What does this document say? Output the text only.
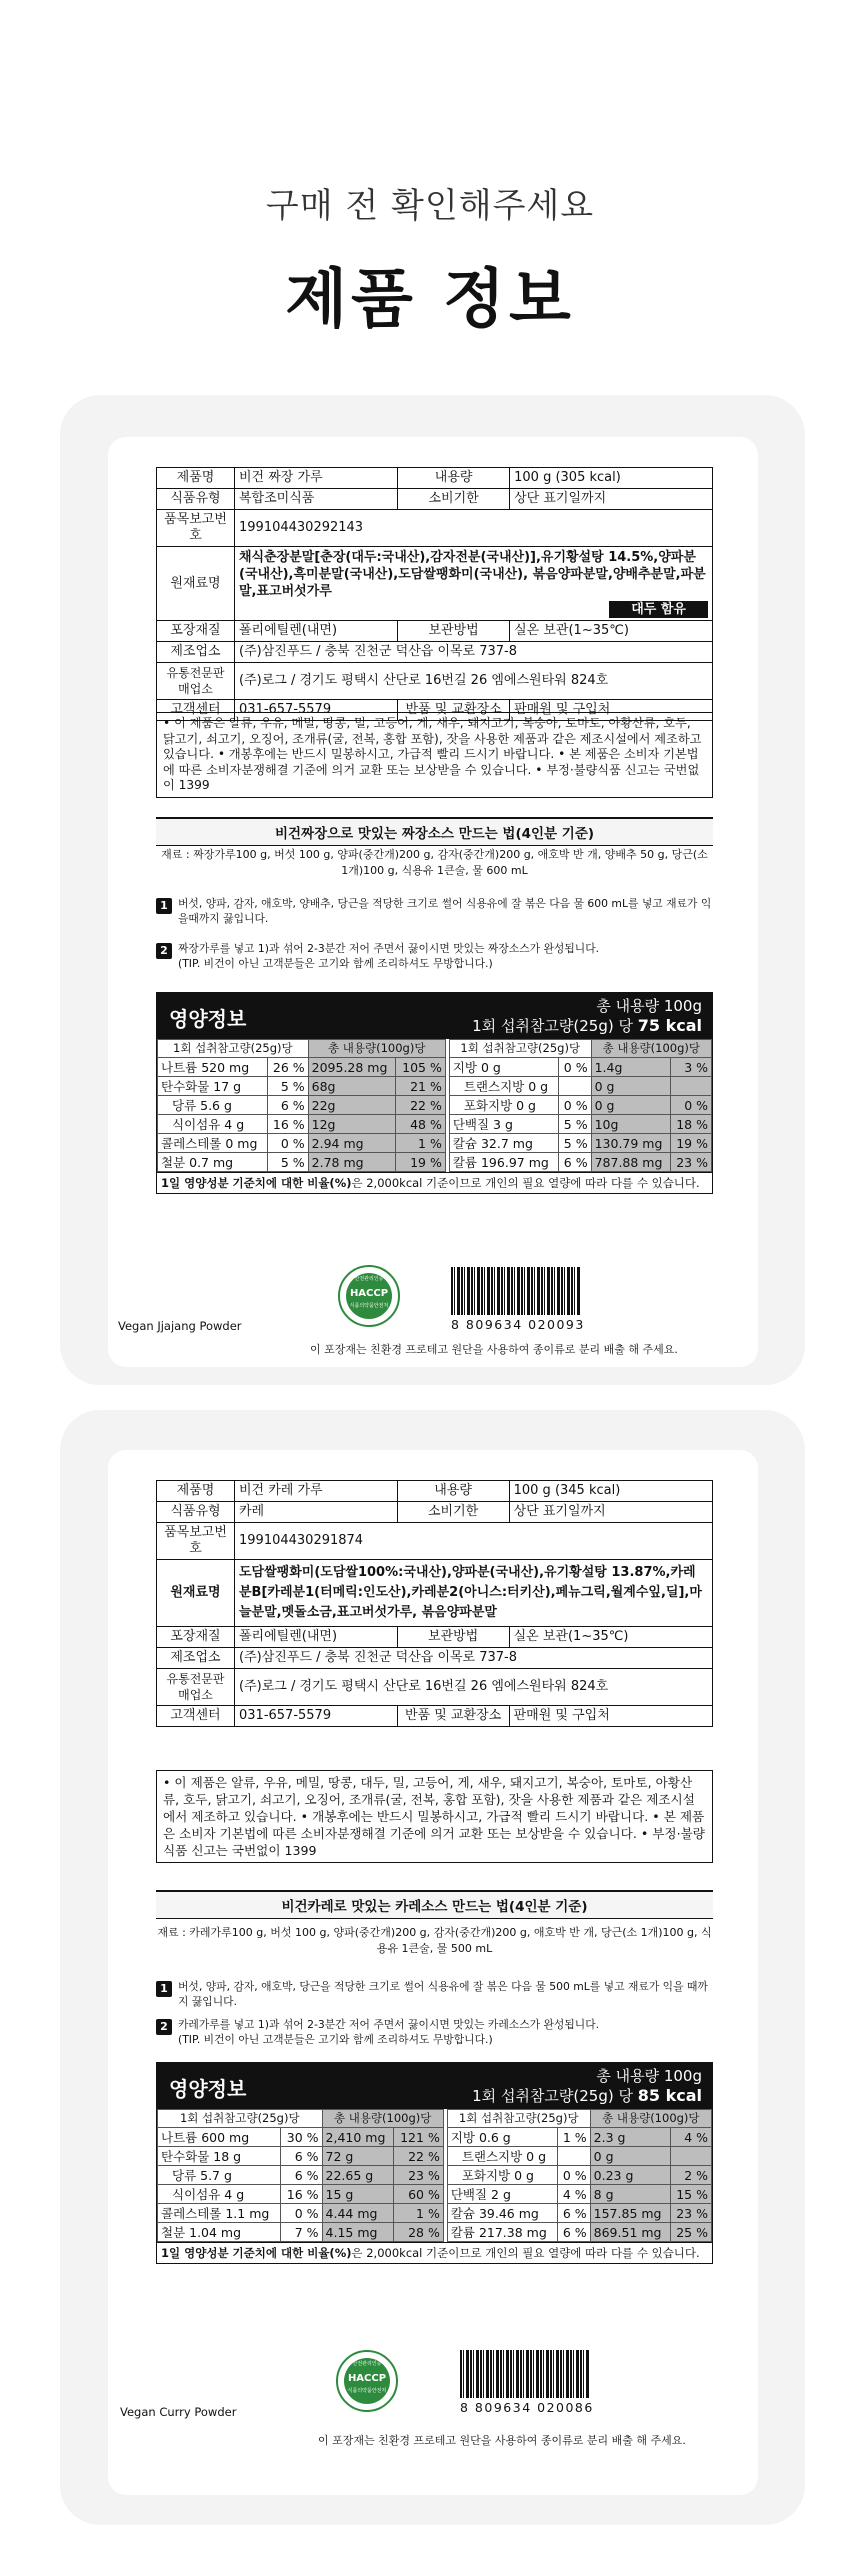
구매 전 확인해주세요
제품 정보
제품명	비건 짜장 가루	내용량	100 g (305 kcal)
식품유형	복합조미식품	소비기한	상단 표기일까지
품목보고번호	19910443029​2143		
원재료명	채식춘장분말[춘장(대두:국내산),감자전분(국내산)],유기황설탕 14.5%,양파분(국내산),흑미분말(국내산),도담쌀팽화미(국내산), 볶음양파분말,양배추분말,파분말,표고버섯가루
대두 함유		

포장재질	폴리에틸렌(내면)	보관방법	실온 보관(1~35℃)
제조업소	(주)삼진푸드 / 충북 진천군 덕산읍 이목로 737-8		
유통전문판매업소	(주)로그 / 경기도 평택시 산단로 16번길 26 엠에스원타워 824호		
고객센터	031-657-5579	반품 및 교환장소	판매원 및 구입처
• 이 제품은 알류, 우유, 메밀, 땅콩, 밀, 고등어, 게, 새우, 돼지고기, 복숭아, 토마토, 아황산류, 호두, 닭고기, 쇠고기, 오징어, 조개류(굴, 전복, 홍합 포함), 잣을 사용한 제품과 같은 제조시설에서 제조하고 있습니다. • 개봉후에는 반드시 밀봉하시고, 가급적 빨리 드시기 바랍니다. • 본 제품은 소비자 기본법에 따른 소비자분쟁해결 기준에 의거 교환 또는 보상받을 수 있습니다. • 부정·불량식품 신고는 국번없이 1399
비건짜장으로 맛있는 짜장소스 만드는 법(4인분 기준)
재료 : 짜장가루100 g, 버섯 100 g, 양파(중간개)200 g, 감자(중간개)200 g, 애호박 반 개, 양배추 50 g, 당근(소 1개)100 g, 식용유 1큰술, 물 600 mL
1 버섯, 양파, 감자, 애호박, 양배추, 당근을 적당한 크기로 썰어 식용유에 잘 볶은 다음 물 600 mL를 넣고 재료가 익을때까지 끓입니다.
2 짜장가루를 넣고 1)과 섞어 2-3분간 저어 주면서 끓이시면 맛있는 짜장소스가 완성됩니다.
(TIP. 비건이 아닌 고객분들은 고기와 함께 조리하셔도 무방합니다.)
영양정보
총 내용량 100g
1회 섭취참고량(25g) 당 75 kcal
1회 섭취참고량(25g)당		총 내용량(100g)당			1회 섭취참고량(25g)당		총 내용량(100g)당	
나트륨 520 mg	26 %	2095.28 mg	105 %		지방 0 g	0 %	1.4g	3 %
탄수화물 17 g	5 %	68g	21 %		트랜스지방 0 g		0 g	
당류 5.6 g	6 %	22g	22 %		포화지방 0 g	0 %	0 g	0 %
식이섬유 4 g	16 %	12g	48 %		단백질 3 g	5 %	10g	18 %
콜레스테롤 0 mg	0 %	2.94 mg	1 %		칼슘 32.7 mg	5 %	130.79 mg	19 %
철분 0.7 mg	5 %	2.78 mg	19 %		칼륨 196.97 mg	6 %	787.88 mg	23 %
1일 영양성분 기준치에 대한 비율(%)은 2,000kcal 기준이므로 개인의 필요 열량에 따라 다를 수 있습니다.
안전관리인증
HACCP
식품의약품안전처
8 809634 020093
Vegan Jjajang Powder
이 포장재는 친환경 프로테고 원단을 사용하여 종이류로 분리 배출 해 주세요.
제품명	비건 카레 가루	내용량	100 g (345 kcal)
식품유형	카레	소비기한	상단 표기일까지
품목보고번호	19910443029​1874		
원재료명	도담쌀팽화미(도담쌀100%:국내산),양파분(국내산),유기황설탕 13.87%,카레분B[카레분1(터메릭:인도산),카레분2(아니스:터키산),페뉴그릭,월계수잎,딜],마늘분말,멧돌소금,표고버섯가루, 볶음양파분말		
포장재질	폴리에틸렌(내면)	보관방법	실온 보관(1~35℃)
제조업소	(주)삼진푸드 / 충북 진천군 덕산읍 이목로 737-8		
유통전문판매업소	(주)로그 / 경기도 평택시 산단로 16번길 26 엠에스원타워 824호		
고객센터	031-657-5579	반품 및 교환장소	판매원 및 구입처
• 이 제품은 알류, 우유, 메밀, 땅콩, 대두, 밀, 고등어, 게, 새우, 돼지고기, 복숭아, 토마토, 아황산류, 호두, 닭고기, 쇠고기, 오징어, 조개류(굴, 전복, 홍합 포함), 잣을 사용한 제품과 같은 제조시설에서 제조하고 있습니다. • 개봉후에는 반드시 밀봉하시고, 가급적 빨리 드시기 바랍니다. • 본 제품은 소비자 기본법에 따른 소비자분쟁해결 기준에 의거 교환 또는 보상받을 수 있습니다. • 부정·불량식품 신고는 국번없이 1399
비건카레로 맛있는 카레소스 만드는 법(4인분 기준)
재료 : 카레가루100 g, 버섯 100 g, 양파(중간개)200 g, 감자(중간개)200 g, 애호박 반 개, 당근(소 1개)100 g, 식용유 1큰술, 물 500 mL
1 버섯, 양파, 감자, 애호박, 당근을 적당한 크기로 썰어 식용유에 잘 볶은 다음 물 500 mL를 넣고 재료가 익을 때까지 끓입니다.
2 카레가루를 넣고 1)과 섞어 2-3분간 저어 주면서 끓이시면 맛있는 카레소스가 완성됩니다.
(TIP. 비건이 아닌 고객분들은 고기와 함께 조리하셔도 무방합니다.)
영양정보
총 내용량 100g
1회 섭취참고량(25g) 당 85 kcal
1회 섭취참고량(25g)당		총 내용량(100g)당			1회 섭취참고량(25g)당		총 내용량(100g)당	
나트륨 600 mg	30 %	2,410 mg	121 %		지방 0.6 g	1 %	2.3 g	4 %
탄수화물 18 g	6 %	72 g	22 %		트랜스지방 0 g		0 g	
당류 5.7 g	6 %	22.65 g	23 %		포화지방 0 g	0 %	0.23 g	2 %
식이섬유 4 g	16 %	15 g	60 %		단백질 2 g	4 %	8 g	15 %
콜레스테롤 1.1 mg	0 %	4.44 mg	1 %		칼슘 39.46 mg	6 %	157.85 mg	23 %
철분 1.04 mg	7 %	4.15 mg	28 %		칼륨 217.38 mg	6 %	869.51 mg	25 %
1일 영양성분 기준치에 대한 비율(%)은 2,000kcal 기준이므로 개인의 필요 열량에 따라 다를 수 있습니다.
안전관리인증
HACCP
식품의약품안전처
8 809634 020086
Vegan Curry Powder
이 포장재는 친환경 프로테고 원단을 사용하여 종이류로 분리 배출 해 주세요.
